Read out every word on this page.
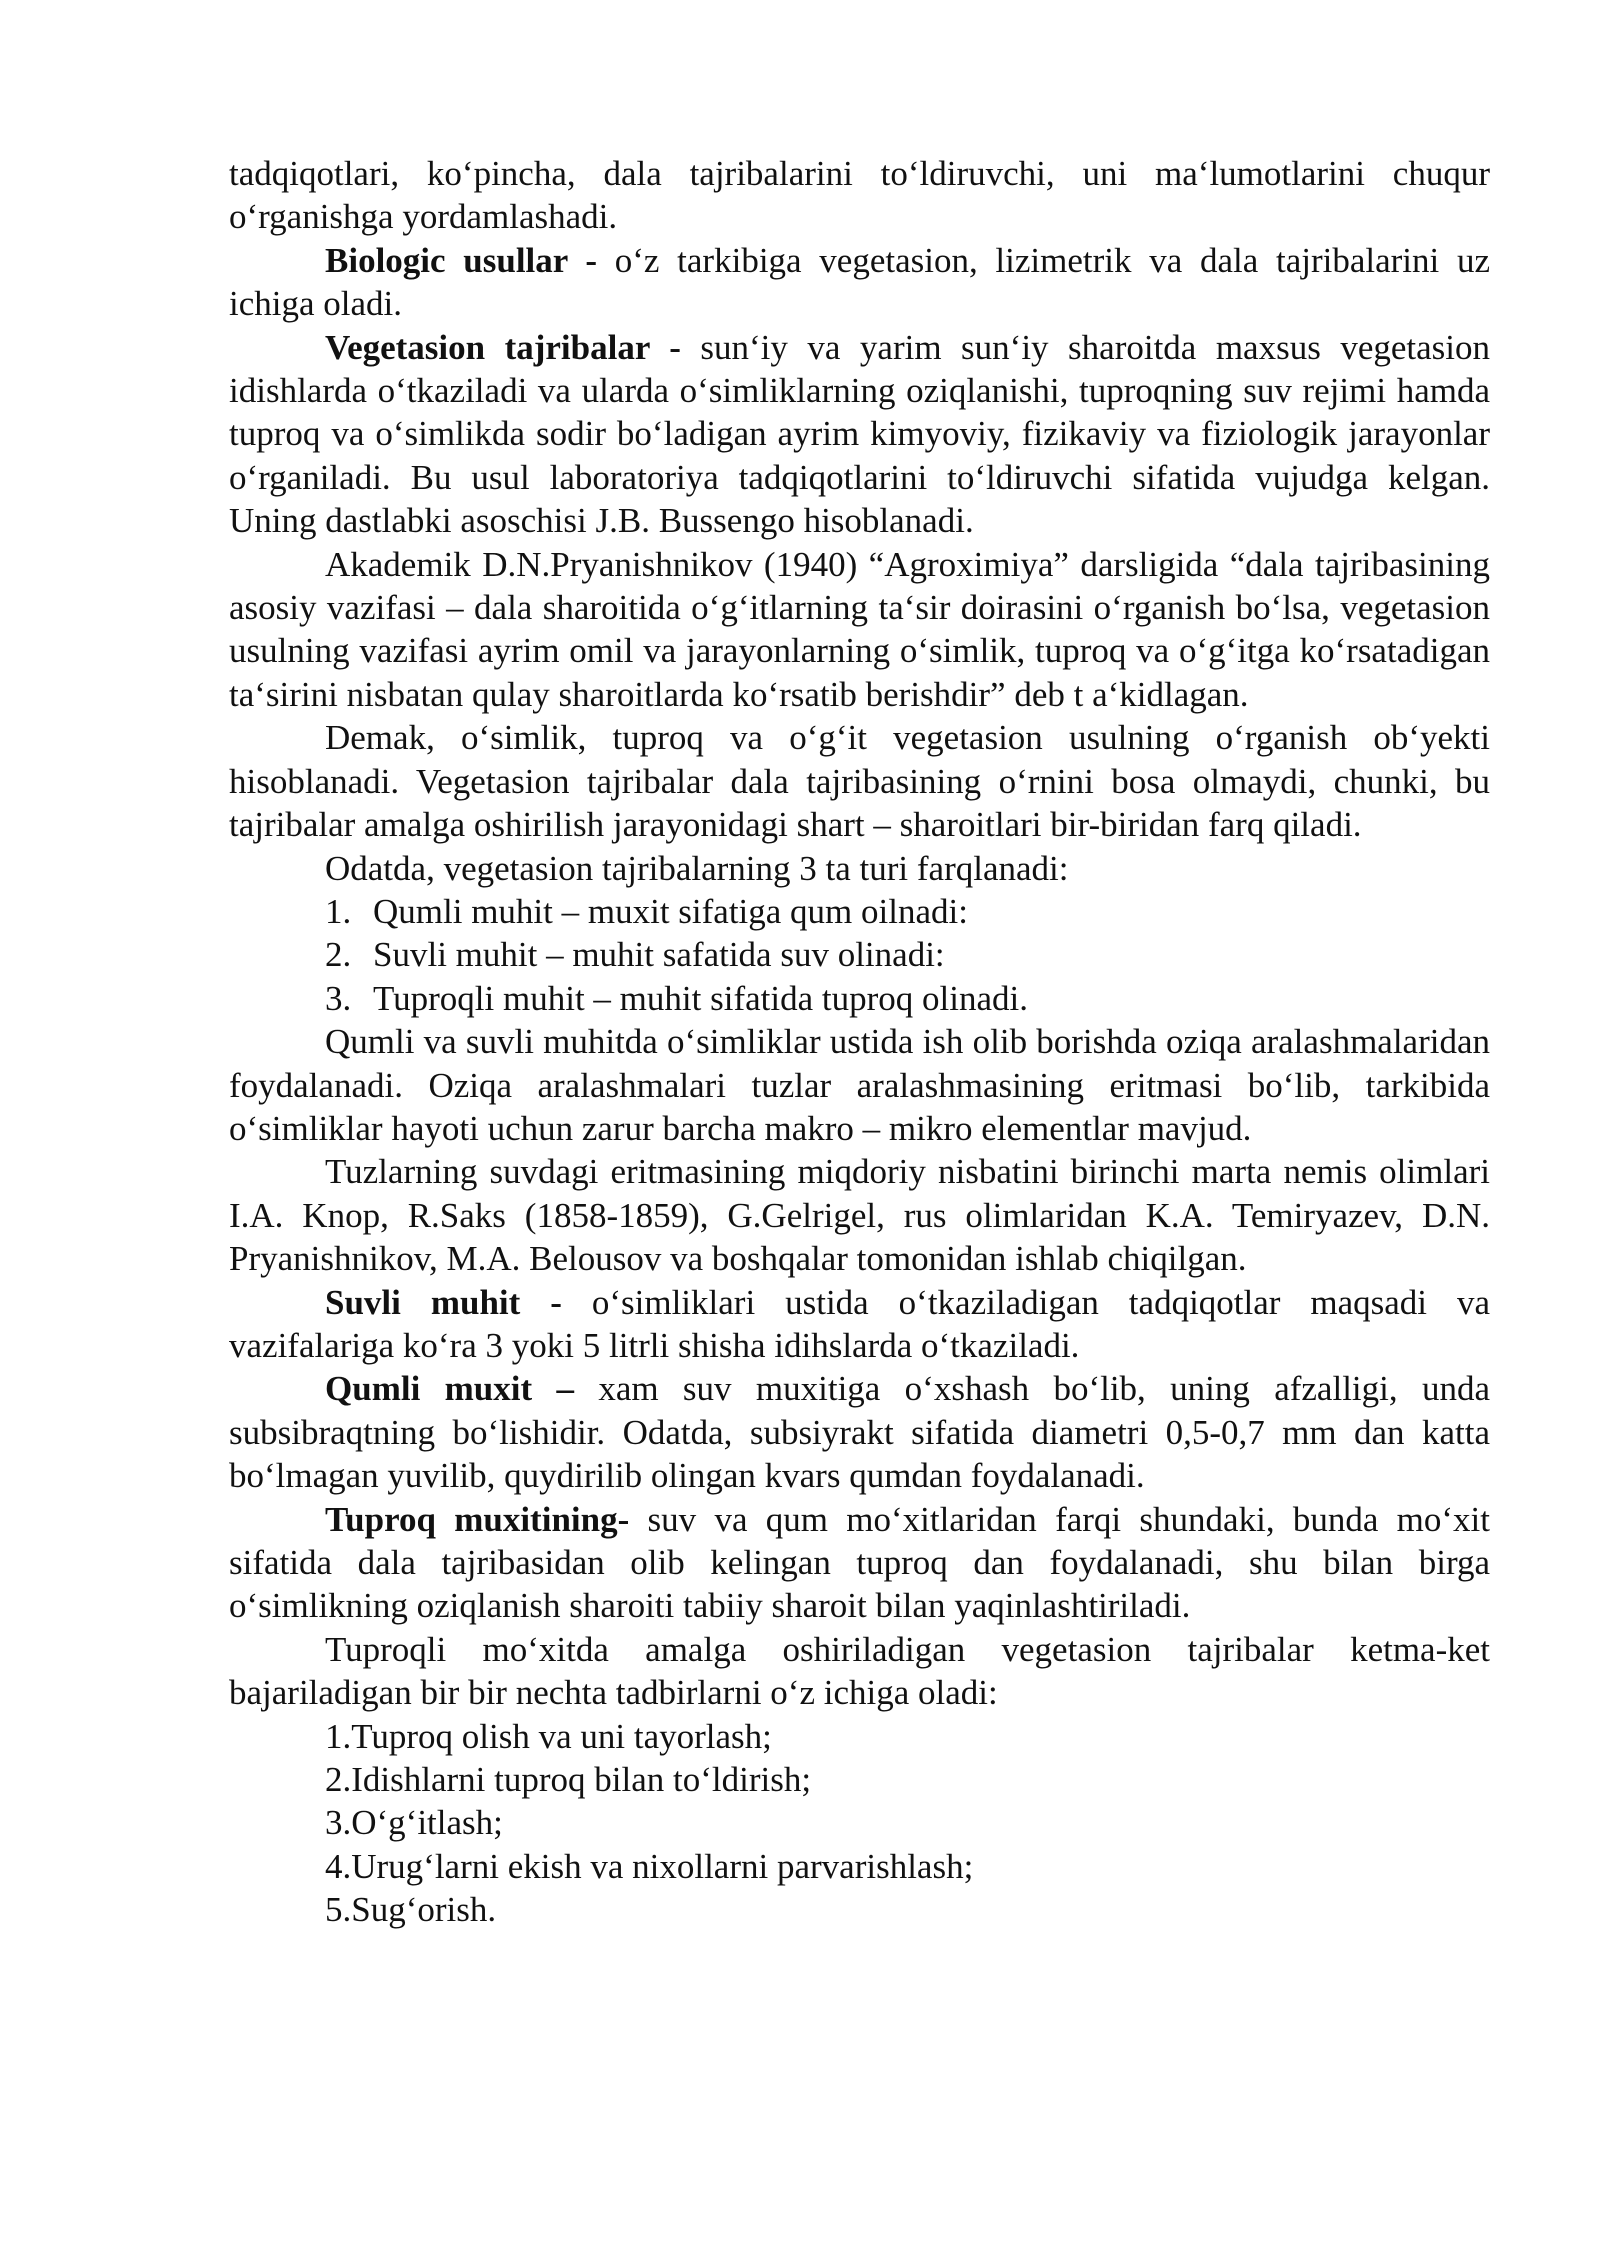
tadqiqotlari, ko‘pincha, dala tajribalarini to‘ldiruvchi, uni ma‘lumotlarini chuqur o‘rganishga yordamlashadi.

Biologic usullar - o‘z tarkibiga vegetasion, lizimetrik va dala tajribalarini uz ichiga oladi.

Vegetasion tajribalar - sun‘iy va yarim sun‘iy sharoitda maxsus vegetasion idishlarda o‘tkaziladi va ularda o‘simliklarning oziqlanishi, tuproqning suv rejimi hamda tuproq va o‘simlikda sodir bo‘ladigan ayrim kimyoviy, fizikaviy va fiziologik jarayonlar o‘rganiladi. Bu usul laboratoriya tadqiqotlarini to‘ldiruvchi sifatida vujudga kelgan. Uning dastlabki asoschisi J.B. Bussengo hisoblanadi.

Akademik D.N.Pryanishnikov (1940) “Agroximiya” darsligida “dala tajribasining asosiy vazifasi – dala sharoitida o‘g‘itlarning ta‘sir doirasini o‘rganish bo‘lsa, vegetasion usulning vazifasi ayrim omil va jarayonlarning o‘simlik, tuproq va o‘g‘itga ko‘rsatadigan ta‘sirini nisbatan qulay sharoitlarda ko‘rsatib berishdir” deb t a‘kidlagan.

Demak, o‘simlik, tuproq va o‘g‘it vegetasion usulning o‘rganish ob‘yekti hisoblanadi. Vegetasion tajribalar dala tajribasining o‘rnini bosa olmaydi, chunki, bu tajribalar amalga oshirilish jarayonidagi shart – sharoitlari bir-biridan farq qiladi.

Odatda, vegetasion tajribalarning 3 ta turi farqlanadi:

1. Qumli muhit – muxit sifatiga qum oilnadi:

2. Suvli muhit – muhit safatida suv olinadi:

3. Tuproqli muhit – muhit sifatida tuproq olinadi.

Qumli va suvli muhitda o‘simliklar ustida ish olib borishda oziqa aralashmalaridan foydalanadi. Oziqa aralashmalari tuzlar aralashmasining eritmasi bo‘lib, tarkibida o‘simliklar hayoti uchun zarur barcha makro – mikro elementlar mavjud.

Tuzlarning suvdagi eritmasining miqdoriy nisbatini birinchi marta nemis olimlari I.A. Knop, R.Saks (1858-1859), G.Gelrigel, rus olimlaridan K.A. Temiryazev, D.N. Pryanishnikov, M.A. Belousov va boshqalar tomonidan ishlab chiqilgan.

Suvli muhit - o‘simliklari ustida o‘tkaziladigan tadqiqotlar maqsadi va vazifalariga ko‘ra 3 yoki 5 litrli shisha idihslarda o‘tkaziladi.

Qumli muxit – xam suv muxitiga o‘xshash bo‘lib, uning afzalligi, unda subsibraqtning bo‘lishidir. Odatda, subsiyrakt sifatida diametri 0,5-0,7 mm dan katta bo‘lmagan yuvilib, quydirilib olingan kvars qumdan foydalanadi.

Tuproq muxitining- suv va qum mo‘xitlaridan farqi shundaki, bunda mo‘xit sifatida dala tajribasidan olib kelingan tuproq dan foydalanadi, shu bilan birga o‘simlikning oziqlanish sharoiti tabiiy sharoit bilan yaqinlashtiriladi.

Tuproqli mo‘xitda amalga oshiriladigan vegetasion tajribalar ketma-ket bajariladigan bir bir nechta tadbirlarni o‘z ichiga oladi:

1.Tuproq olish va uni tayorlash;

2.Idishlarni tuproq bilan to‘ldirish;

3.O‘g‘itlash;

4.Urug‘larni ekish va nixollarni parvarishlash;

5.Sug‘orish.
